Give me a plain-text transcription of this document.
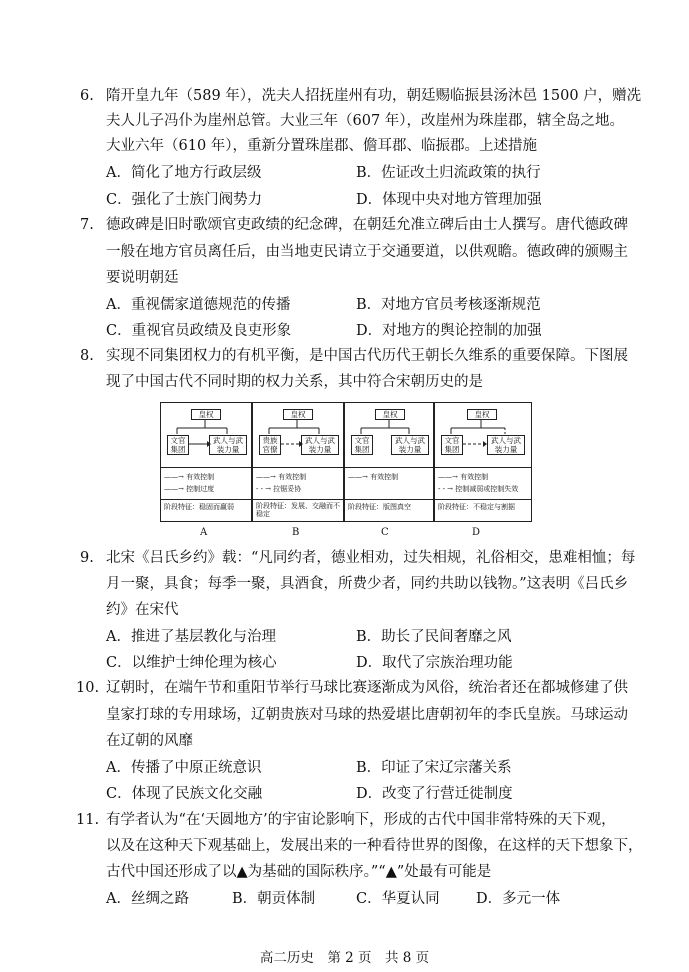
6. 隋开皇九年（589 年），冼夫人招抚崖州有功，朝廷赐临振县汤沐邑 1500 户，赠冼
夫人儿子冯仆为崖州总管。大业三年（607 年），改崖州为珠崖郡，辖全岛之地。
大业六年（610 年），重新分置珠崖郡、儋耳郡、临振郡。上述措施
A．简化了地方行政层级	B．佐证改土归流政策的执行
C．强化了士族门阀势力	D．体现中央对地方管理加强
7. 德政碑是旧时歌颂官吏政绩的纪念碑，在朝廷允准立碑后由士人撰写。唐代德政碑
一般在地方官员离任后，由当地吏民请立于交通要道，以供观瞻。德政碑的颁赐主
要说明朝廷
A．重视儒家道德规范的传播	B．对地方官员考核逐渐规范
C．重视官员政绩及良吏形象	D．对地方的舆论控制的加强
8. 实现不同集团权力的有机平衡，是中国古代历代王朝长久维系的重要保障。下图展
现了中国古代不同时期的权力关系，其中符合宋朝历史的是
皇权
文官集团
武人与武装力量
——→ 有效控制
——→ 控制过度
阶段特征：稳固而赢弱
皇权
贵族官僚
武人与武装力量
——→ 有效控制
- - → 拉锯妥协
阶段特征：发展、交融而不稳定
皇权
文官集团
武人与武装力量
——→ 有效控制
阶段特征：版图真空
皇权
文官集团
武人与武装力量
——→ 有效控制
- - → 控制减弱或控制失效
阶段特征：不稳定与割据
A	B	C	D
9. 北宋《吕氏乡约》载：“凡同约者，德业相劝，过失相规，礼俗相交，患难相恤；每
月一聚，具食；每季一聚，具酒食，所费少者，同约共助以钱物。”这表明《吕氏乡
约》在宋代
A．推进了基层教化与治理	B．助长了民间奢靡之风
C．以维护士绅伦理为核心	D．取代了宗族治理功能
10. 辽朝时，在端午节和重阳节举行马球比赛逐渐成为风俗，统治者还在都城修建了供
皇家打球的专用球场，辽朝贵族对马球的热爱堪比唐朝初年的李氏皇族。马球运动
在辽朝的风靡
A．传播了中原正统意识	B．印证了宋辽宗藩关系
C．体现了民族文化交融	D．改变了行营迁徙制度
11. 有学者认为“在‘天圆地方’的宇宙论影响下，形成的古代中国非常特殊的天下观，
以及在这种天下观基础上，发展出来的一种看待世界的图像，在这样的天下想象下，
古代中国还形成了以▲为基础的国际秩序。”“▲”处最有可能是
A．丝绸之路	B．朝贡体制	C．华夏认同	D．多元一体
高二历史　第 2 页　共 8 页
